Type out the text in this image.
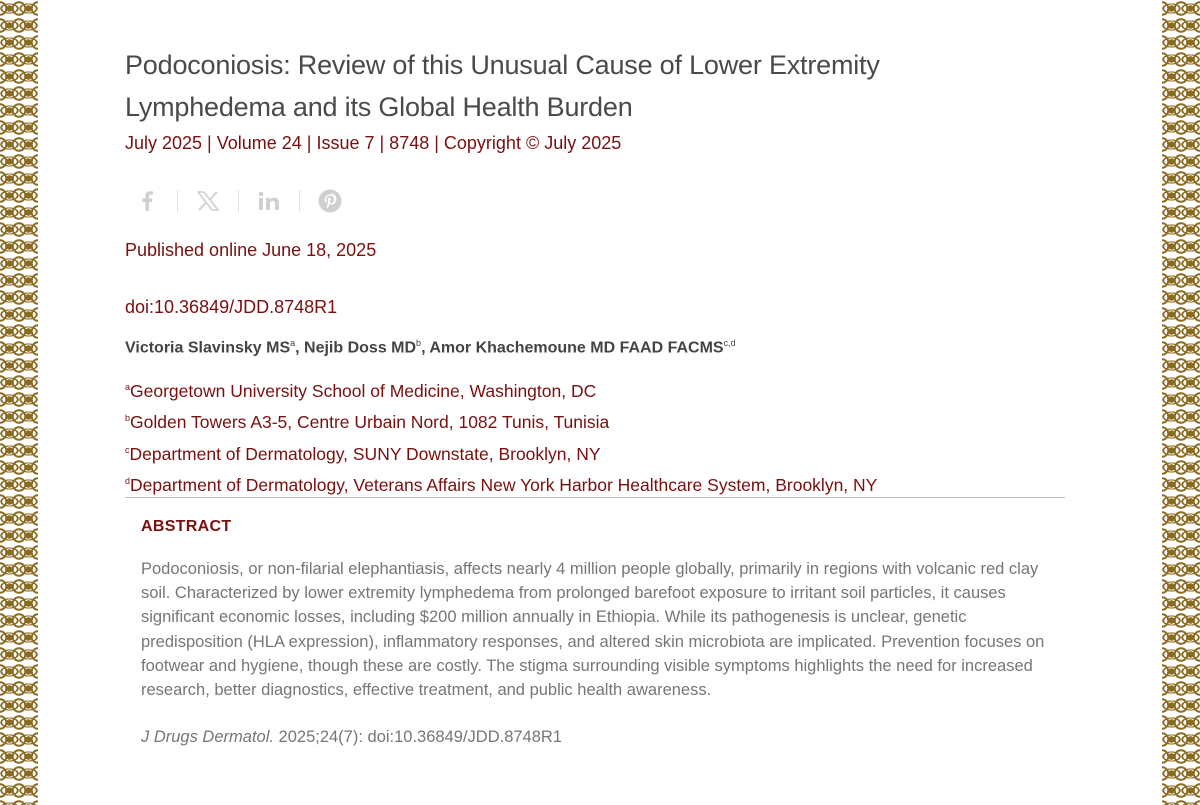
Podoconiosis: Review of this Unusual Cause of Lower Extremity Lymphedema and its Global Health Burden
July 2025 | Volume 24 | Issue 7 | 8748 | Copyright © July 2025
Published online June 18, 2025
doi:10.36849/JDD.8748R1
Victoria Slavinsky $MS^a$, Nejib Doss $MD^b$, Amor Khachemoune MD FAAD FACMS$^{c,d}$
$^a$Georgetown University School of Medicine, Washington, DC
$^b$Golden Towers A3-5, Centre Urbain Nord, 1082 Tunis, Tunisia
$^c$Department of Dermatology, SUNY Downstate, Brooklyn, NY
$^d$Department of Dermatology, Veterans Affairs New York Harbor Healthcare System, Brooklyn, NY
ABSTRACT
Podoconiosis, or non-filarial elephantiasis, affects nearly 4 million people globally, primarily in regions with volcanic red clay soil. Characterized by lower extremity lymphedema from prolonged barefoot exposure to irritant soil particles, it causes significant economic losses, including $200 million annually in Ethiopia. While its pathogenesis is unclear, genetic predisposition (HLA expression), inflammatory responses, and altered skin microbiota are implicated. Prevention focuses on footwear and hygiene, though these are costly. The stigma surrounding visible symptoms highlights the need for increased research, better diagnostics, effective treatment, and public health awareness.
J Drugs Dermatol. 2025;24(7): doi:10.36849/JDD.8748R1
